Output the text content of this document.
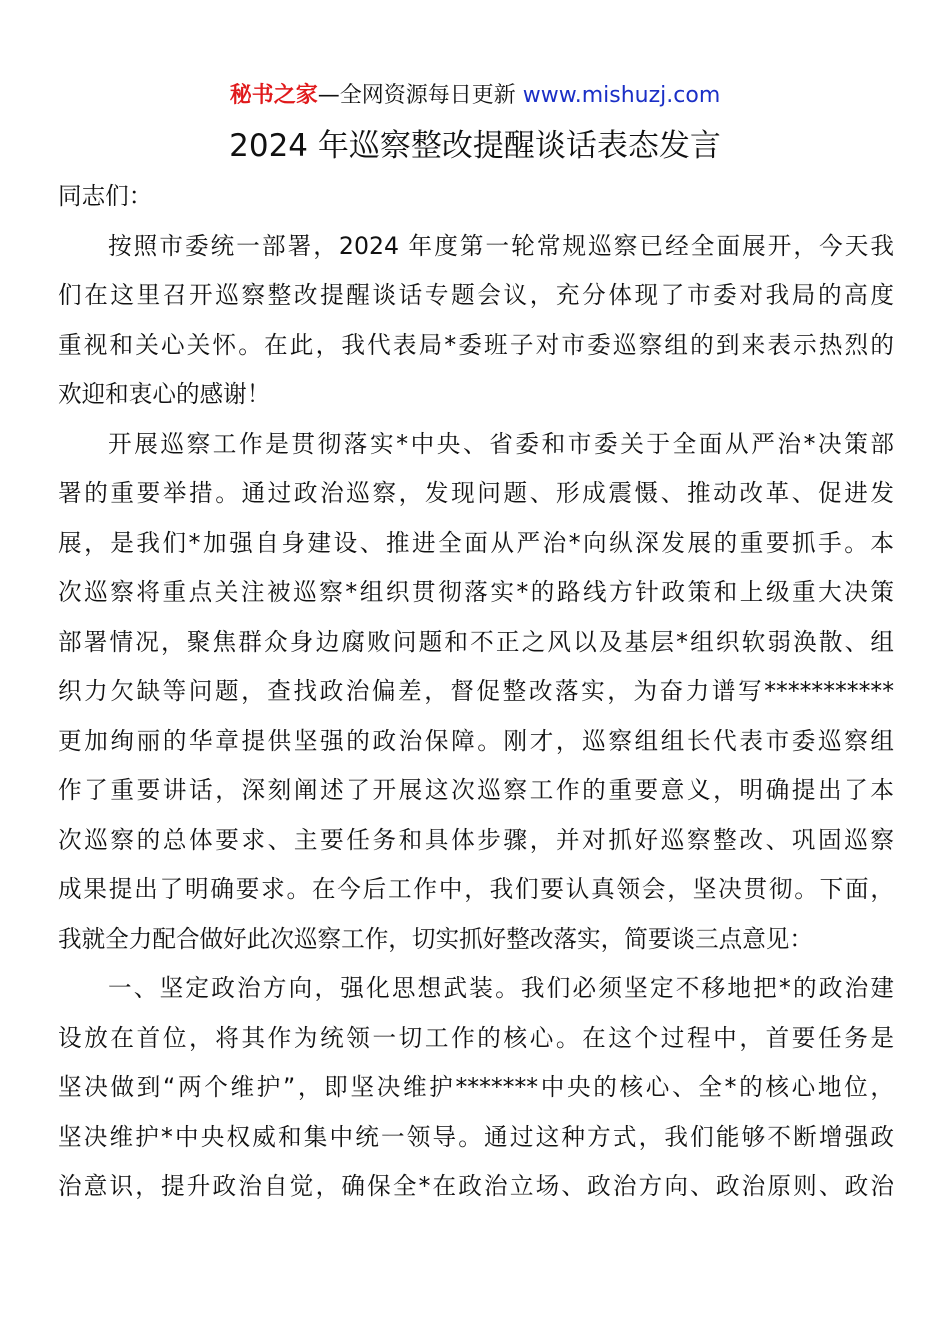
秘书之家—全网资源每日更新 www.mishuzj.com
2024 年巡察整改提醒谈话表态发言
同志们：
按照市委统一部署，2024 年度第一轮常规巡察已经全面展开，今天我
们在这里召开巡察整改提醒谈话专题会议，充分体现了市委对我局的高度
重视和关心关怀。在此，我代表局*委班子对市委巡察组的到来表示热烈的
欢迎和衷心的感谢！
开展巡察工作是贯彻落实*中央、省委和市委关于全面从严治*决策部
署的重要举措。通过政治巡察，发现问题、形成震慑、推动改革、促进发
展，是我们*加强自身建设、推进全面从严治*向纵深发展的重要抓手。本
次巡察将重点关注被巡察*组织贯彻落实*的路线方针政策和上级重大决策
部署情况，聚焦群众身边腐败问题和不正之风以及基层*组织软弱涣散、组
织力欠缺等问题，查找政治偏差，督促整改落实，为奋力谱写***********
更加绚丽的华章提供坚强的政治保障。刚才，巡察组组长代表市委巡察组
作了重要讲话，深刻阐述了开展这次巡察工作的重要意义，明确提出了本
次巡察的总体要求、主要任务和具体步骤，并对抓好巡察整改、巩固巡察
成果提出了明确要求。在今后工作中，我们要认真领会，坚决贯彻。下面，
我就全力配合做好此次巡察工作，切实抓好整改落实，简要谈三点意见：
一、坚定政治方向，强化思想武装。我们必须坚定不移地把*的政治建
设放在首位，将其作为统领一切工作的核心。在这个过程中，首要任务是
坚决做到“两个维护”，即坚决维护*******中央的核心、全*的核心地位，
坚决维护*中央权威和集中统一领导。通过这种方式，我们能够不断增强政
治意识，提升政治自觉，确保全*在政治立场、政治方向、政治原则、政治
